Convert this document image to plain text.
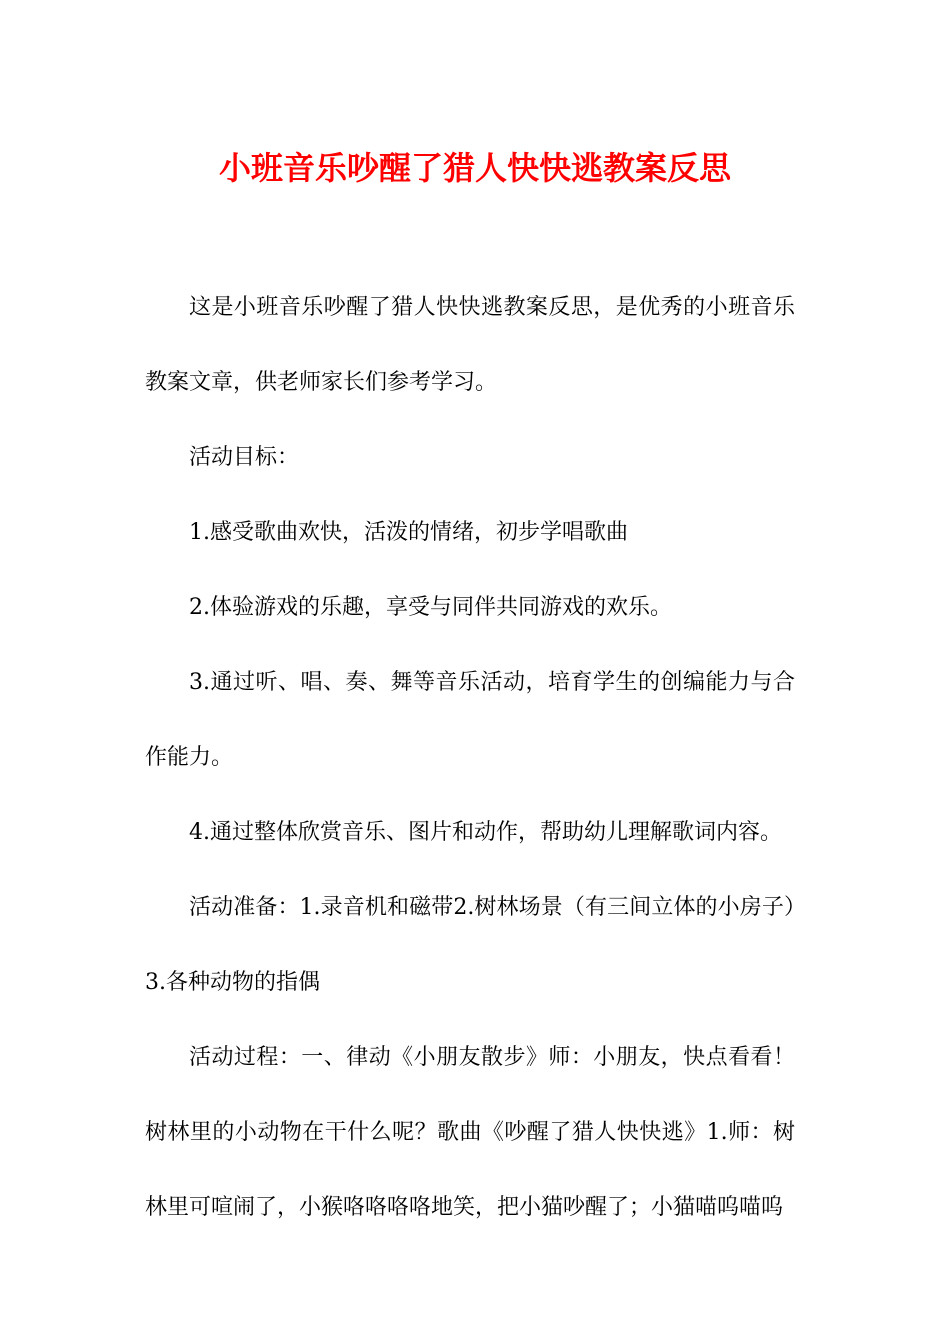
小班音乐吵醒了猎人快快逃教案反思

这是小班音乐吵醒了猎人快快逃教案反思，是优秀的小班音乐教案文章，供老师家长们参考学习。

活动目标：

1.感受歌曲欢快，活泼的情绪，初步学唱歌曲

2.体验游戏的乐趣，享受与同伴共同游戏的欢乐。

3.通过听、唱、奏、舞等音乐活动，培育学生的创编能力与合作能力。

4.通过整体欣赏音乐、图片和动作，帮助幼儿理解歌词内容。

活动准备：1.录音机和磁带2.树林场景（有三间立体的小房子）3.各种动物的指偶

活动过程：一、律动《小朋友散步》师：小朋友，快点看看！树林里的小动物在干什么呢？歌曲《吵醒了猎人快快逃》1.师：树林里可喧闹了，小猴咯咯咯咯地笑，把小猫吵醒了；小猫喵呜喵呜
